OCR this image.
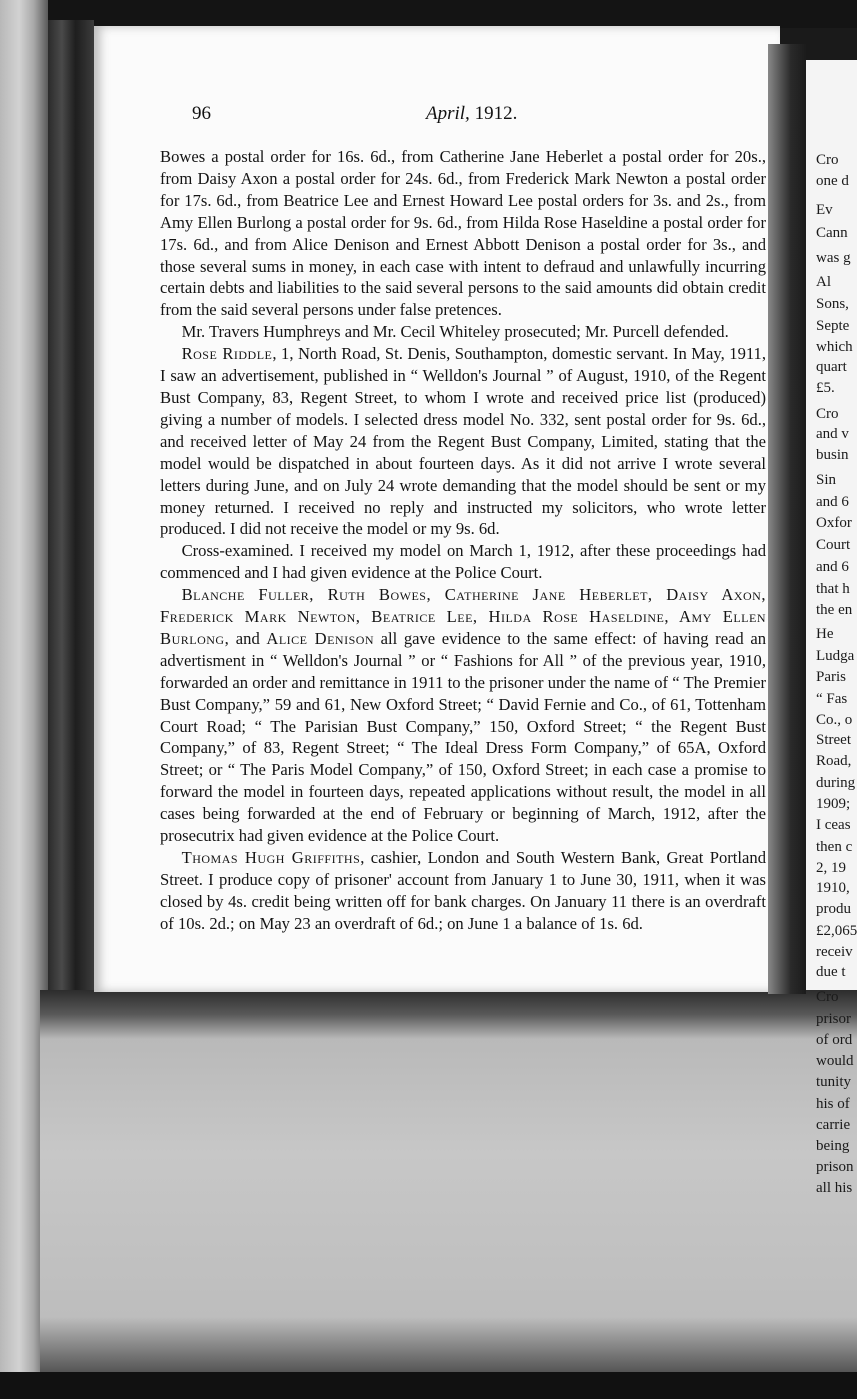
96	April, 1912.

Bowes a postal order for 16s. 6d., from Catherine Jane Heberlet a postal order for 20s., from Daisy Axon a postal order for 24s. 6d., from Frederick Mark Newton a postal order for 17s. 6d., from Beatrice Lee and Ernest Howard Lee postal orders for 3s. and 2s., from Amy Ellen Burlong a postal order for 9s. 6d., from Hilda Rose Haseldine a postal order for 17s. 6d., and from Alice Denison and Ernest Abbott Denison a postal order for 3s., and those several sums in money, in each case with intent to defraud and unlawfully incurring certain debts and liabilities to the said several persons to the said amounts did obtain credit from the said several persons under false pretences.

Mr. Travers Humphreys and Mr. Cecil Whiteley prosecuted; Mr. Purcell defended.

Rose Riddle, 1, North Road, St. Denis, Southampton, domestic servant. In May, 1911, I saw an advertisement, published in “ Welldon's Journal ” of August, 1910, of the Regent Bust Company, 83, Regent Street, to whom I wrote and received price list (produced) giving a number of models. I selected dress model No. 332, sent postal order for 9s. 6d., and received letter of May 24 from the Regent Bust Company, Limited, stating that the model would be dispatched in about fourteen days. As it did not arrive I wrote several letters during June, and on July 24 wrote demanding that the model should be sent or my money returned. I received no reply and instructed my solicitors, who wrote letter produced. I did not receive the model or my 9s. 6d.

Cross-examined. I received my model on March 1, 1912, after these proceedings had commenced and I had given evidence at the Police Court.

Blanche Fuller, Ruth Bowes, Catherine Jane Heberlet, Daisy Axon, Frederick Mark Newton, Beatrice Lee, Hilda Rose Haseldine, Amy Ellen Burlong, and Alice Denison all gave evidence to the same effect: of having read an advertisment in “ Welldon's Journal ” or “ Fashions for All ” of the previous year, 1910, forwarded an order and remittance in 1911 to the prisoner under the name of “ The Premier Bust Company,” 59 and 61, New Oxford Street; “ David Fernie and Co., of 61, Tottenham Court Road; “ The Parisian Bust Company,” 150, Oxford Street; “ the Regent Bust Company,” of 83, Regent Street; “ The Ideal Dress Form Company,” of 65A, Oxford Street; or “ The Paris Model Company,” of 150, Oxford Street; in each case a promise to forward the model in fourteen days, repeated applications without result, the model in all cases being forwarded at the end of February or beginning of March, 1912, after the prosecutrix had given evidence at the Police Court.

Thomas Hugh Griffiths, cashier, London and South Western Bank, Great Portland Street. I produce copy of prisoner' account from January 1 to June 30, 1911, when it was closed by 4s. credit being written off for bank charges. On January 11 there is an overdraft of 10s. 2d.; on May 23 an overdraft of 6d.; on June 1 a balance of 1s. 6d.

Cro
one d
Ev
Cann
was g
Al
Sons,
Septe
which
quart
£5.
Cro
and v
busin
Sin
and 6
Oxfor
Court
and 6
that h
the en
He
Ludga
Paris
“ Fas
Co., o
Street
Road,
during
1909;
I ceas
then c
2, 19
1910,
produ
£2,065
receiv
due t
Cro
prisor
of ord
would
tunity
his of
carrie
being
prison
all his
